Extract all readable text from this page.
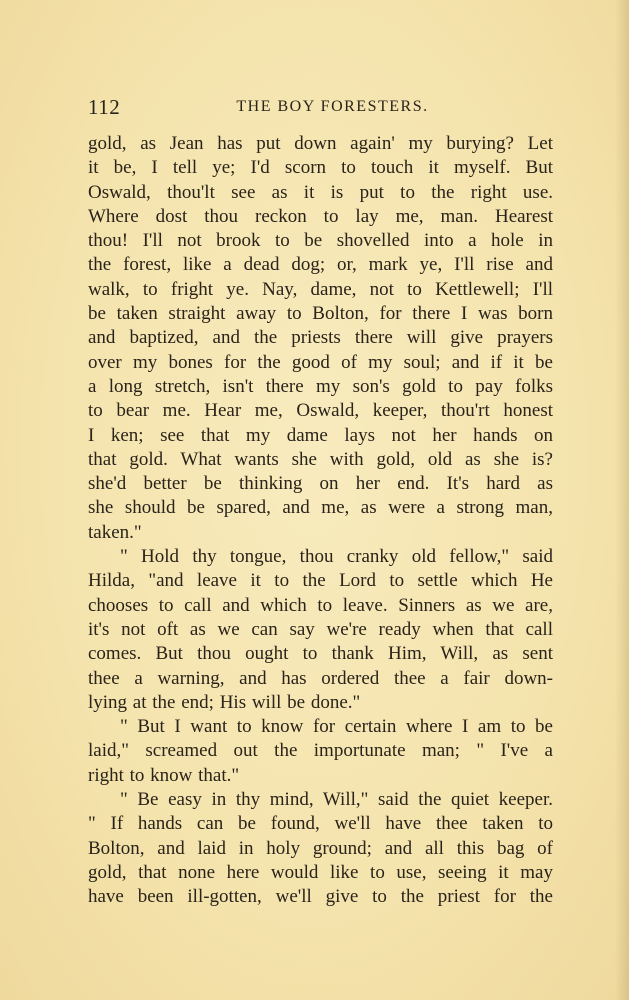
112	THE BOY FORESTERS.
gold, as Jean has put down again' my burying? Let
it be, I tell ye; I'd scorn to touch it myself. But
Oswald, thou'lt see as it is put to the right use.
Where dost thou reckon to lay me, man. Hearest
thou! I'll not brook to be shovelled into a hole in
the forest, like a dead dog; or, mark ye, I'll rise and
walk, to fright ye. Nay, dame, not to Kettlewell; I'll
be taken straight away to Bolton, for there I was born
and baptized, and the priests there will give prayers
over my bones for the good of my soul; and if it be
a long stretch, isn't there my son's gold to pay folks
to bear me. Hear me, Oswald, keeper, thou'rt honest
I ken; see that my dame lays not her hands on
that gold. What wants she with gold, old as she is?
she'd better be thinking on her end. It's hard as
she should be spared, and me, as were a strong man,
taken."
" Hold thy tongue, thou cranky old fellow," said
Hilda, "and leave it to the Lord to settle which He
chooses to call and which to leave. Sinners as we are,
it's not oft as we can say we're ready when that call
comes. But thou ought to thank Him, Will, as sent
thee a warning, and has ordered thee a fair down-
lying at the end; His will be done."
" But I want to know for certain where I am to be
laid," screamed out the importunate man; " I've a
right to know that."
" Be easy in thy mind, Will," said the quiet keeper.
" If hands can be found, we'll have thee taken to
Bolton, and laid in holy ground; and all this bag of
gold, that none here would like to use, seeing it may
have been ill-gotten, we'll give to the priest for the
